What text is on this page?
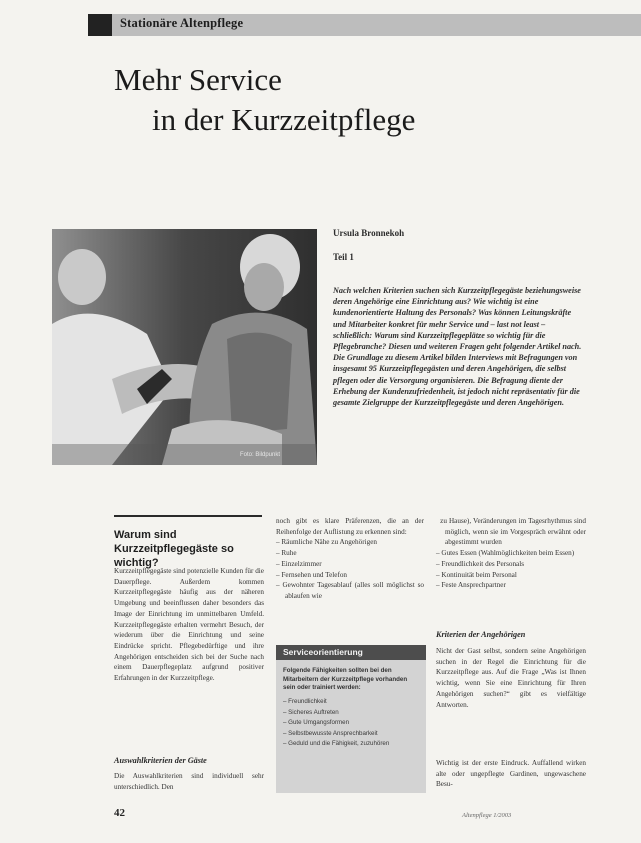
Stationäre Altenpflege
Mehr Service
in der Kurzzeitpflege
Foto: Bildpunkt
Ursula Bronnekoh
Teil 1
Nach welchen Kriterien suchen sich Kurzzeitpflegegäste beziehungsweise deren Angehörige eine Einrichtung aus? Wie wichtig ist eine kundenorientierte Haltung des Personals? Was können Leitungskräfte und Mitarbeiter konkret für mehr Service und – last not least – schließlich: Warum sind Kurzzeitpflegeplätze so wichtig für die Pflegebranche? Diesen und weiteren Fragen geht folgender Artikel nach. Die Grundlage zu diesem Artikel bilden Interviews mit Befragungen von insgesamt 95 Kurzzeitpflegegästen und deren Angehörigen, die selbst pflegen oder die Versorgung organisieren. Die Befragung diente der Erhebung der Kundenzufriedenheit, ist jedoch nicht repräsentativ für die gesamte Zielgruppe der Kurzzeitpflegegäste und deren Angehörigen.
Warum sind Kurzzeitpflegegäste so wichtig?
Kurzzeitpflegegäste sind potenzielle Kunden für die Dauerpflege. Außerdem kommen Kurzzeitpflegegäste häufig aus der näheren Umgebung und beeinflussen daher besonders das Image der Einrichtung im unmittelbaren Umfeld. Kurzzeitpflegegäste erhalten vermehrt Besuch, der wiederum über die Einrichtung und seine Eindrücke spricht. Pflegebedürftige und ihre Angehörigen entscheiden sich bei der Suche nach einem Dauerpflegeplatz aufgrund positiver Erfahrungen in der Kurzzeitpflege.
Auswahlkriterien der Gäste
Die Auswahlkriterien sind individuell sehr unterschiedlich. Den
noch gibt es klare Präferenzen, die an der Reihenfolge der Auflistung zu erkennen sind:
– Räumliche Nähe zu Angehörigen
– Ruhe
– Einzelzimmer
– Fernsehen und Telefon
– Gewohnter Tagesablauf (alles soll möglichst so ablaufen wie
Serviceorientierung
Folgende Fähigkeiten sollten bei den Mitarbeitern der Kurzzeitpflege vorhanden sein oder trainiert werden:
– Freundlichkeit
– Sicheres Auftreten
– Gute Umgangsformen
– Selbstbewusste Ansprechbarkeit
– Geduld und die Fähigkeit, zuzuhören
zu Hause), Veränderungen im Tagesrhythmus sind möglich, wenn sie im Vorgespräch erwähnt oder abgestimmt wurden
– Gutes Essen (Wahlmöglichkeiten beim Essen)
– Freundlichkeit des Personals
– Kontinuität beim Personal
– Feste Ansprechpartner
Kriterien der Angehörigen
Nicht der Gast selbst, sondern seine Angehörigen suchen in der Regel die Einrichtung für die Kurzzeitpflege aus. Auf die Frage „Was ist Ihnen wichtig, wenn Sie eine Einrichtung für Ihren Angehörigen suchen?“ gibt es vielfältige Antworten.
Wichtig ist der erste Eindruck. Auffallend wirken alte oder ungepflegte Gardinen, ungewaschene Besu-
42	Altenpflege 1/2003
